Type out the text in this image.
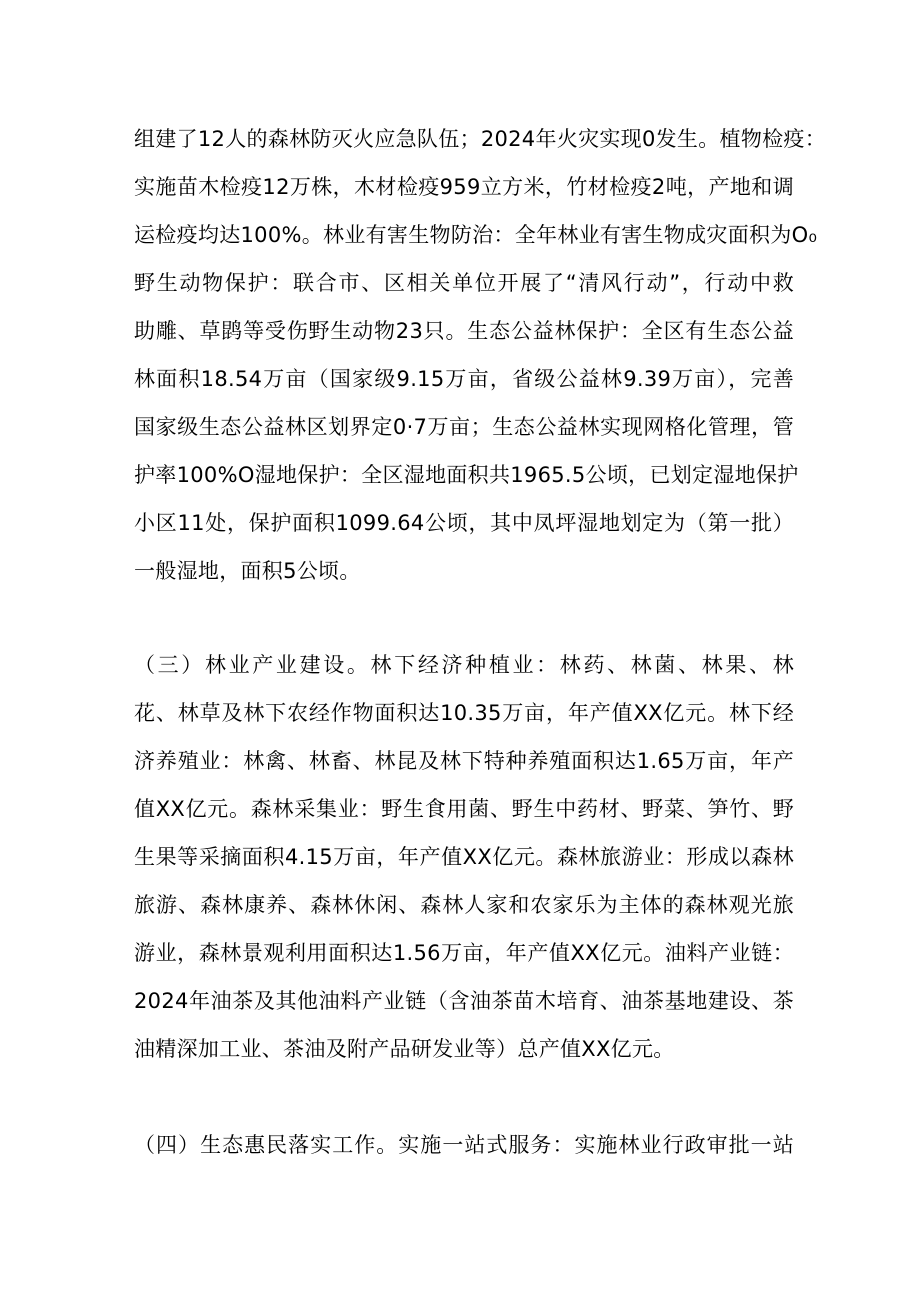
组建了12人的森林防灭火应急队伍；2024年火灾实现0发生。植物检疫：
实施苗木检疫12万株，木材检疫959立方米，竹材检疫2吨，产地和调
运检疫均达100%。林业有害生物防治：全年林业有害生物成灾面积为O₀
野生动物保护：联合市、区相关单位开展了“清风行动”，行动中救
助雕、草鹍等受伤野生动物23只。生态公益林保护：全区有生态公益
林面积18.54万亩（国家级9.15万亩，省级公益林9.39万亩），完善
国家级生态公益林区划界定0·7万亩；生态公益林实现网格化管理，管
护率100%O湿地保护：全区湿地面积共1965.5公顷，已划定湿地保护
小区11处，保护面积1099.64公顷，其中凤坪湿地划定为（第一批）
一般湿地，面积5公顷。
（三）林业产业建设。林下经济种植业：林药、林菌、林果、林
花、林草及林下农经作物面积达10.35万亩，年产值XX亿元。林下经
济养殖业：林禽、林畜、林昆及林下特种养殖面积达1.65万亩，年产
值XX亿元。森林采集业：野生食用菌、野生中药材、野菜、笋竹、野
生果等采摘面积4.15万亩，年产值XX亿元。森林旅游业：形成以森林
旅游、森林康养、森林休闲、森林人家和农家乐为主体的森林观光旅
游业，森林景观利用面积达1.56万亩，年产值XX亿元。油料产业链：
2024年油茶及其他油料产业链（含油茶苗木培育、油茶基地建设、茶
油精深加工业、茶油及附产品研发业等）总产值XX亿元。
（四）生态惠民落实工作。实施一站式服务：实施林业行政审批一站
